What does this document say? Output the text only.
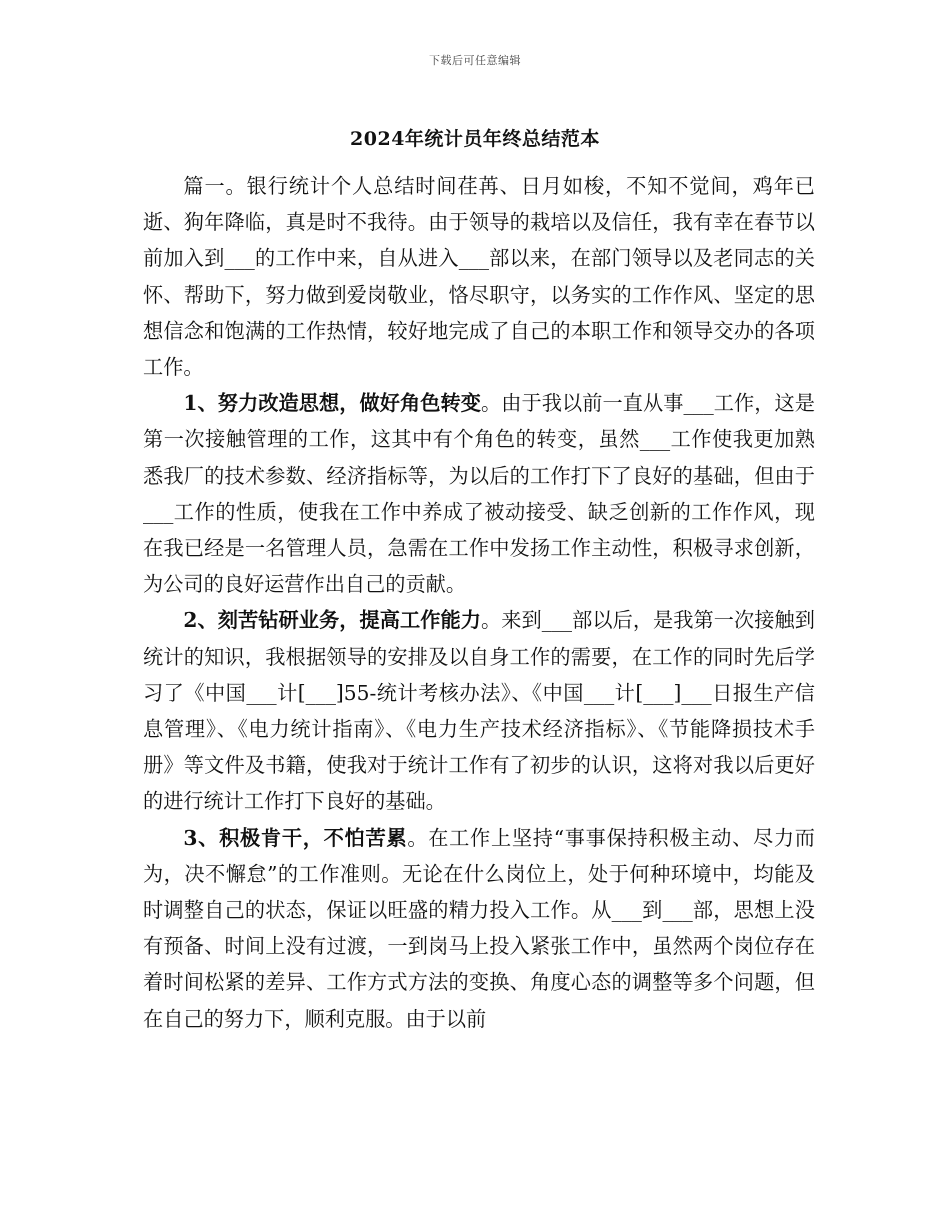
下载后可任意编辑
2024年统计员年终总结范本

篇一。银行统计个人总结时间荏苒、日月如梭，不知不觉间，鸡年已逝、狗年降临，真是时不我待。由于领导的栽培以及信任，我有幸在春节以前加入到___的工作中来，自从进入___部以来，在部门领导以及老同志的关怀、帮助下，努力做到爱岗敬业，恪尽职守，以务实的工作作风、坚定的思想信念和饱满的工作热情，较好地完成了自己的本职工作和领导交办的各项工作。

1、努力改造思想，做好角色转变。由于我以前一直从事___工作，这是第一次接触管理的工作，这其中有个角色的转变，虽然___工作使我更加熟悉我厂的技术参数、经济指标等，为以后的工作打下了良好的基础，但由于___工作的性质，使我在工作中养成了被动接受、缺乏创新的工作作风，现在我已经是一名管理人员，急需在工作中发扬工作主动性，积极寻求创新，为公司的良好运营作出自己的贡献。

2、刻苦钻研业务，提高工作能力。来到___部以后，是我第一次接触到统计的知识，我根据领导的安排及以自身工作的需要，在工作的同时先后学习了《中国___计[___]55-统计考核办法》、《中国___计[___]___日报生产信息管理》、《电力统计指南》、《电力生产技术经济指标》、《节能降损技术手册》等文件及书籍，使我对于统计工作有了初步的认识，这将对我以后更好的进行统计工作打下良好的基础。

3、积极肯干，不怕苦累。在工作上坚持“事事保持积极主动、尽力而为，决不懈怠”的工作准则。无论在什么岗位上，处于何种环境中，均能及时调整自己的状态，保证以旺盛的精力投入工作。从___到___部，思想上没有预备、时间上没有过渡，一到岗马上投入紧张工作中，虽然两个岗位存在着时间松紧的差异、工作方式方法的变换、角度心态的调整等多个问题，但在自己的努力下，顺利克服。由于以前
